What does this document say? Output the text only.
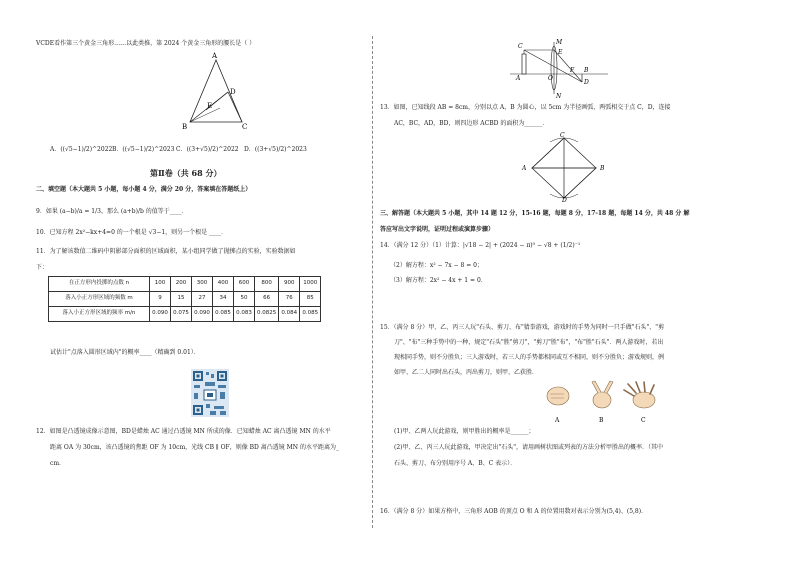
VCDE看作第三个黄金三角形……以此类推，第 2024 个黄金三角形的腰长是（ ）
A
B	C
D
E
A．((√5−1)/2)^2022 B．((√5−1)/2)^2023 C．((3+√5)/2)^2022 D．((3+√5)/2)^2023
第Ⅱ卷（共 68 分）
二、填空题（本大题共 5 小题，每小题 4 分，满分 20 分，答案填在答题纸上）
9．如果 (a−b)/a = 1/3，那么 (a+b)/b 的值等于____．
10．已知方程 2x²−kx+4=0 的一个根是 √3−1，则另一个根是 ____．
11．为了解该数值二维码中阴影部分面积的区域面积，某小组同学做了抛掷点的实验，实验数据如
下：
在正方形内投掷的点数 n	100	200	300	400	600	800	900	1000
落入小正方形区域的频数 m	9	15	27	34	50	66	76	85
落入小正方形区域的频率 m/n	0.090	0.075	0.090	0.085	0.083	0.0825	0.084	0.085
试估计"点落入圆形区域内"的概率____（精确到 0.01）．
12．如图是凸透镜成像示意图，BD是蜡烛 AC 通过凸透镜 MN 所成的像．已知蜡烛 AC 离凸透镜 MN 的水平
距离 OA 为 30cm，该凸透镜的焦距 OF 为 10cm，光线 CB ∥ OF，则像 BD 离凸透镜 MN 的水平距离为_
cm．
C
M
E
A	O
F B
D
N
13．如图，已知线段 AB = 8cm，分别以点 A，B 为圆心，以 5cm 为半径画弧，两弧相交于点 C，D，连接
AC，BC，AD，BD，则四边形 ACBD 的面积为______．
C
A	B
D
三、解答题（本大题共 5 小题，其中 14 题 12 分，15-16 题，每题 8 分，17-18 题，每题 14 分，共 48 分 解
答应写出文字说明，证明过程或演算步骤）
14．（满分 12 分）（1）计算：|√18 − 2| + (2024 − π)⁰ − √8 + (1/2)⁻¹
（2）解方程：x² − 7x − 8 = 0；
（3）解方程：2x² − 4x + 1 = 0．
15．（满分 8 分）甲、乙、丙三人玩"石头、剪刀、布"猜拳游戏，游戏时的手势为同时一只手做"石头"、"剪
刀"、"布"三种手势中的一种，规定"石头"胜"剪刀"，"剪刀"胜"布"，"布"胜"石头"．两人游戏时，若出
现相同手势，则不分胜负；三人游戏时，若三人的手势都相同或互不相同，则不分胜负；游戏规则，例
如甲、乙二人同时出石头，丙出剪刀，则甲、乙获胜．
A	B	C
(1)甲、乙两人玩此游戏，则甲胜出的概率是______；
(2)甲、乙、丙三人玩此游戏，甲决定出"石头"，请用画树状图或列表的方法分析甲胜出的概率．（其中
石头、剪刀、布分别用序号 A、B、C 表示）．
16．（满分 8 分）如果方格中，三角形 AOB 的顶点 O 和 A 的位置用数对表示分别为(5,4)、(5,8)．
